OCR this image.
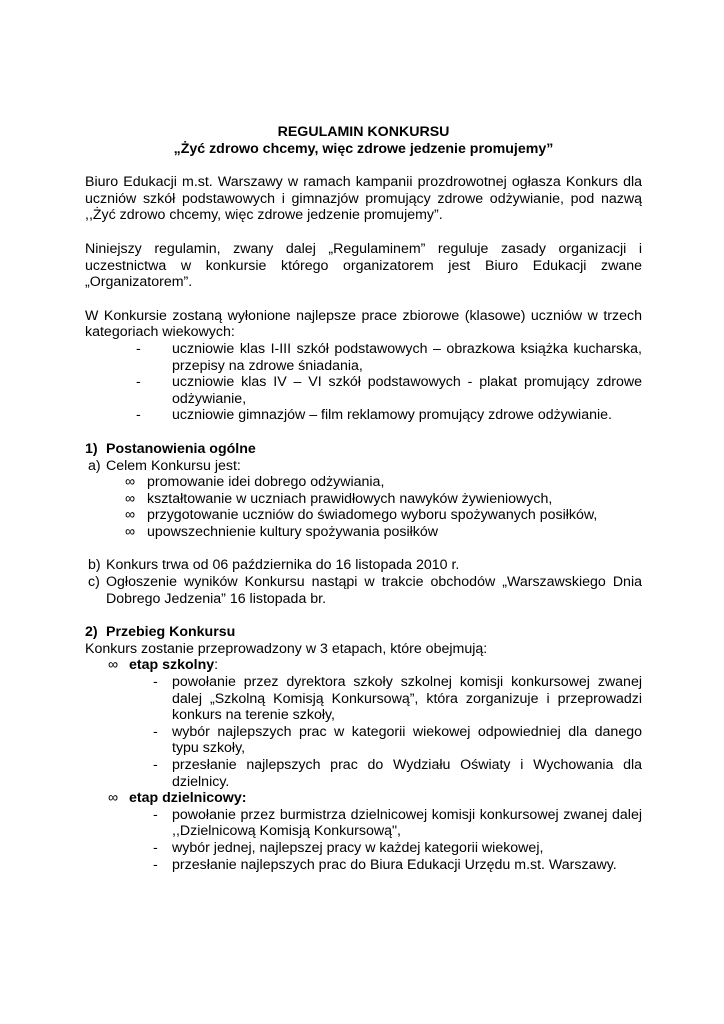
REGULAMIN KONKURSU

„Żyć zdrowo chcemy, więc zdrowe jedzenie promujemy”

Biuro Edukacji m.st. Warszawy w ramach kampanii prozdrowotnej ogłasza Konkurs dla uczniów szkół podstawowych i gimnazjów promujący zdrowe odżywianie, pod nazwą ,,Żyć zdrowo chcemy, więc zdrowe jedzenie promujemy”.

Niniejszy regulamin, zwany dalej „Regulaminem” reguluje zasady organizacji i uczestnictwa w konkursie którego organizatorem jest Biuro Edukacji zwane „Organizatorem”.

W Konkursie zostaną wyłonione najlepsze prace zbiorowe (klasowe) uczniów w trzech kategoriach wiekowych:

- uczniowie klas I-III szkół podstawowych – obrazkowa książka kucharska, przepisy na zdrowe śniadania,
- uczniowie klas IV – VI szkół podstawowych - plakat promujący zdrowe odżywianie,
- uczniowie gimnazjów – film reklamowy promujący zdrowe odżywianie.
1) Postanowienia ogólne
a) Celem Konkursu jest:
∞ promowanie idei dobrego odżywiania,
∞ kształtowanie w uczniach prawidłowych nawyków żywieniowych,
∞ przygotowanie uczniów do świadomego wyboru spożywanych posiłków,
∞ upowszechnienie kultury spożywania posiłków
b) Konkurs trwa od 06 października do 16 listopada 2010 r.
c) Ogłoszenie wyników Konkursu nastąpi w trakcie obchodów „Warszawskiego Dnia Dobrego Jedzenia” 16 listopada br.
2) Przebieg Konkursu

Konkurs zostanie przeprowadzony w 3 etapach, które obejmują:

∞ etap szkolny:
- powołanie przez dyrektora szkoły szkolnej komisji konkursowej zwanej dalej „Szkolną Komisją Konkursową”, która zorganizuje i przeprowadzi konkurs na terenie szkoły,
- wybór najlepszych prac w kategorii wiekowej odpowiedniej dla danego typu szkoły,
- przesłanie najlepszych prac do Wydziału Oświaty i Wychowania dla dzielnicy.
∞ etap dzielnicowy:
- powołanie przez burmistrza dzielnicowej komisji konkursowej zwanej dalej ,,Dzielnicową Komisją Konkursową",
- wybór jednej, najlepszej pracy w każdej kategorii wiekowej,
- przesłanie najlepszych prac do Biura Edukacji Urzędu m.st. Warszawy.
